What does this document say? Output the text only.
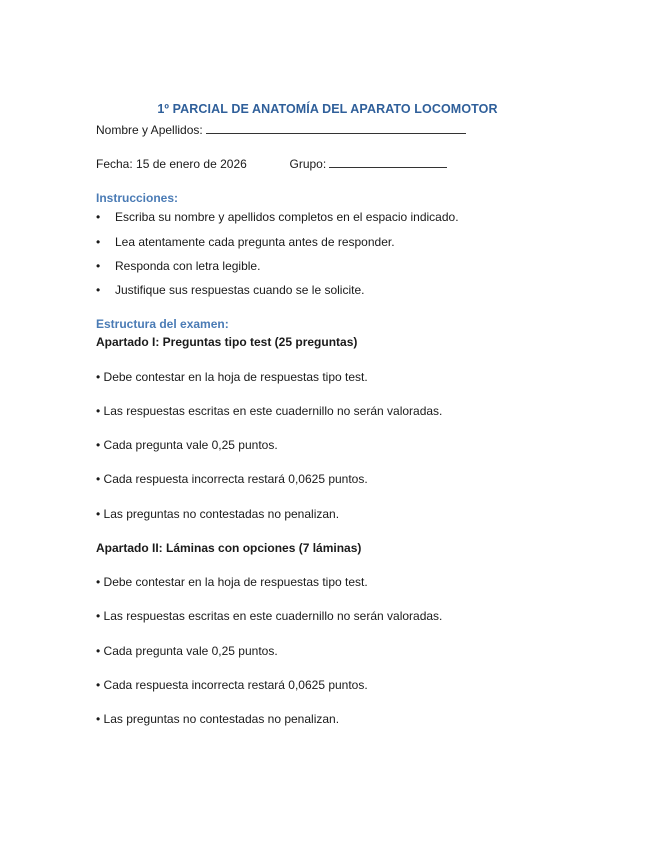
1º PARCIAL DE ANATOMÍA DEL APARATO LOCOMOTOR
Nombre y Apellidos:
Fecha: 15 de enero de 2026	Grupo:
Instrucciones:
• Escriba su nombre y apellidos completos en el espacio indicado.
• Lea atentamente cada pregunta antes de responder.
• Responda con letra legible.
• Justifique sus respuestas cuando se le solicite.
Estructura del examen:
Apartado I: Preguntas tipo test (25 preguntas)
• Debe contestar en la hoja de respuestas tipo test.
• Las respuestas escritas en este cuadernillo no serán valoradas.
• Cada pregunta vale 0,25 puntos.
• Cada respuesta incorrecta restará 0,0625 puntos.
• Las preguntas no contestadas no penalizan.
Apartado II: Láminas con opciones (7 láminas)
• Debe contestar en la hoja de respuestas tipo test.
• Las respuestas escritas en este cuadernillo no serán valoradas.
• Cada pregunta vale 0,25 puntos.
• Cada respuesta incorrecta restará 0,0625 puntos.
• Las preguntas no contestadas no penalizan.
